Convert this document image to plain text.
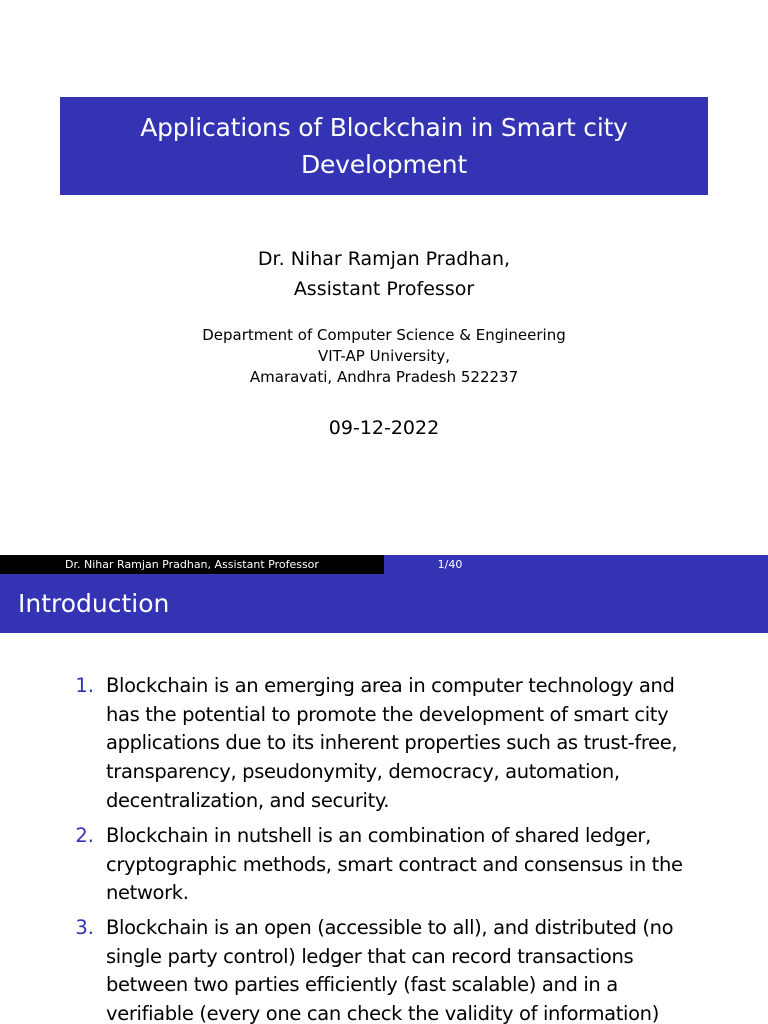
Applications of Blockchain in Smart city
Development
Dr. Nihar Ramjan Pradhan,
Assistant Professor
Department of Computer Science & Engineering
VIT-AP University,
Amaravati, Andhra Pradesh 522237
09-12-2022
Dr. Nihar Ramjan Pradhan, Assistant Professor	1/40
Introduction
1. Blockchain is an emerging area in computer technology and
has the potential to promote the development of smart city
applications due to its inherent properties such as trust-free,
transparency, pseudonymity, democracy, automation,
decentralization, and security.
2. Blockchain in nutshell is an combination of shared ledger,
cryptographic methods, smart contract and consensus in the
network.
3. Blockchain is an open (accessible to all), and distributed (no
single party control) ledger that can record transactions
between two parties efficiently (fast scalable) and in a
verifiable (every one can check the validity of information)
